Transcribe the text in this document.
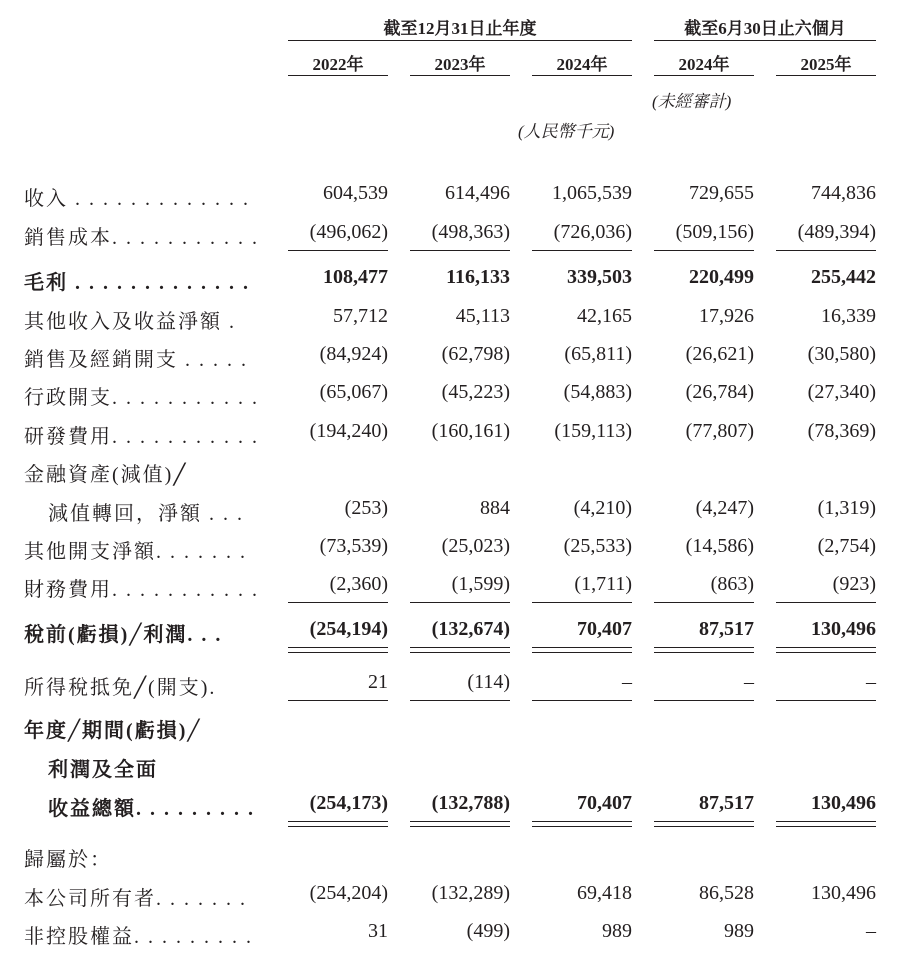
截至12月31日止年度	截至6月30日止六個月
2022年	2023年	2024年	2024年	2025年
(未經審計)
(人民幣千元)
收入 . . . . . . . . . . . . .	604,539	614,496	1,065,539	729,655	744,836
銷售成本. . . . . . . . . . .	(496,062)	(498,363)	(726,036)	(509,156)	(489,394)
毛利 . . . . . . . . . . . . .	108,477	116,133	339,503	220,499	255,442
其他收入及收益淨額 .	57,712	45,113	42,165	17,926	16,339
銷售及經銷開支 . . . . .	(84,924)	(62,798)	(65,811)	(26,621)	(30,580)
行政開支. . . . . . . . . . .	(65,067)	(45,223)	(54,883)	(26,784)	(27,340)
研發費用. . . . . . . . . . .	(194,240)	(160,161)	(159,113)	(77,807)	(78,369)
金融資產(減值)╱
減值轉回，淨額 . . .	(253)	884	(4,210)	(4,247)	(1,319)
其他開支淨額. . . . . . .	(73,539)	(25,023)	(25,533)	(14,586)	(2,754)
財務費用. . . . . . . . . . .	(2,360)	(1,599)	(1,711)	(863)	(923)
稅前(虧損)╱利潤. . .	(254,194)	(132,674)	70,407	87,517	130,496
所得稅抵免╱(開支).	21	(114)	–	–	–
年度╱期間(虧損)╱
利潤及全面
收益總額. . . . . . . . .	(254,173)	(132,788)	70,407	87,517	130,496
歸屬於：
本公司所有者. . . . . . .	(254,204)	(132,289)	69,418	86,528	130,496
非控股權益. . . . . . . . .	31	(499)	989	989	–
